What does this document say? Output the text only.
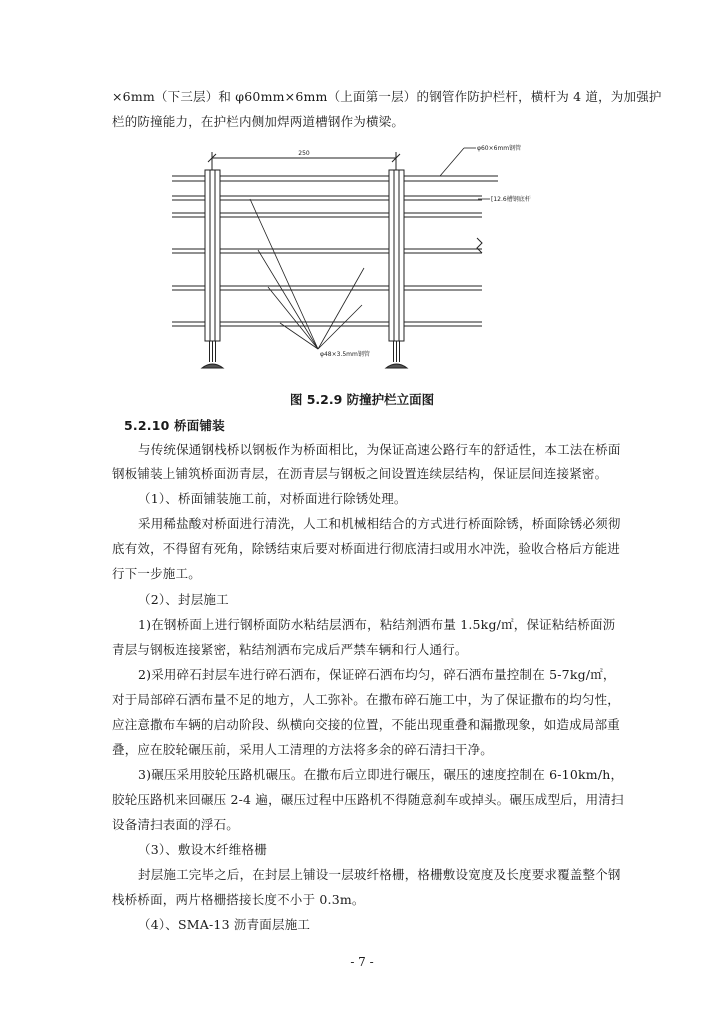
×6mm（下三层）和 φ60mm×6mm（上面第一层）的钢管作防护栏杆，横杆为 4 道，为加强护
栏的防撞能力，在护栏内侧加焊两道槽钢作为横梁。
250
φ60×6mm钢管
[12.6槽钢底杆
φ48×3.5mm钢管
图 5.2.9 防撞护栏立面图
5.2.10 桥面铺装
与传统保通钢栈桥以钢板作为桥面相比，为保证高速公路行车的舒适性，本工法在桥面
钢板铺装上铺筑桥面沥青层，在沥青层与钢板之间设置连续层结构，保证层间连接紧密。
（1）、桥面铺装施工前，对桥面进行除锈处理。
采用稀盐酸对桥面进行清洗，人工和机械相结合的方式进行桥面除锈，桥面除锈必须彻
底有效，不得留有死角，除锈结束后要对桥面进行彻底清扫或用水冲洗，验收合格后方能进
行下一步施工。
（2）、封层施工
1)在钢桥面上进行钢桥面防水粘结层洒布，粘结剂洒布量 1.5kg/㎡，保证粘结桥面沥
青层与钢板连接紧密，粘结剂洒布完成后严禁车辆和行人通行。
2)采用碎石封层车进行碎石洒布，保证碎石洒布均匀，碎石洒布量控制在 5-7kg/㎡，
对于局部碎石洒布量不足的地方，人工弥补。在撒布碎石施工中，为了保证撒布的均匀性，
应注意撒布车辆的启动阶段、纵横向交接的位置，不能出现重叠和漏撒现象，如造成局部重
叠，应在胶轮碾压前，采用人工清理的方法将多余的碎石清扫干净。
3)碾压采用胶轮压路机碾压。在撒布后立即进行碾压，碾压的速度控制在 6-10km/h，
胶轮压路机来回碾压 2-4 遍，碾压过程中压路机不得随意刹车或掉头。碾压成型后，用清扫
设备清扫表面的浮石。
（3）、敷设木纤维格栅
封层施工完毕之后，在封层上铺设一层玻纤格栅，格栅敷设宽度及长度要求覆盖整个钢
栈桥桥面，两片格栅搭接长度不小于 0.3m。
（4）、SMA-13 沥青面层施工
- 7 -
